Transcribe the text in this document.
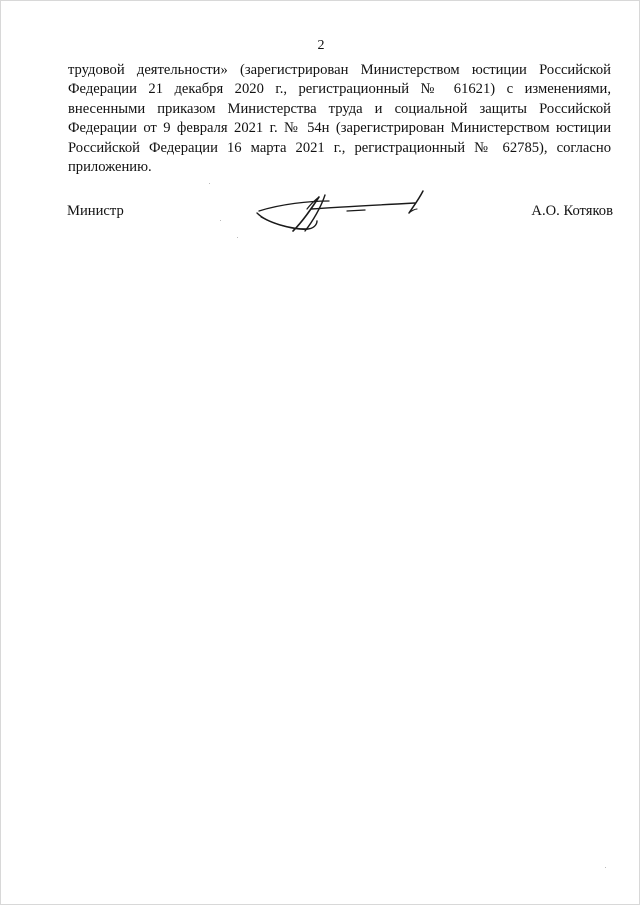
2
трудовой деятельности» (зарегистрирован Министерством юстиции Российской
Федерации 21 декабря 2020 г., регистрационный № 61621) с изменениями,
внесенными приказом Министерства труда и социальной защиты Российской
Федерации от 9 февраля 2021 г. № 54н (зарегистрирован Министерством юстиции
Российской Федерации 16 марта 2021 г., регистрационный № 62785), согласно
приложению.
Министр	А.О. Котяков
